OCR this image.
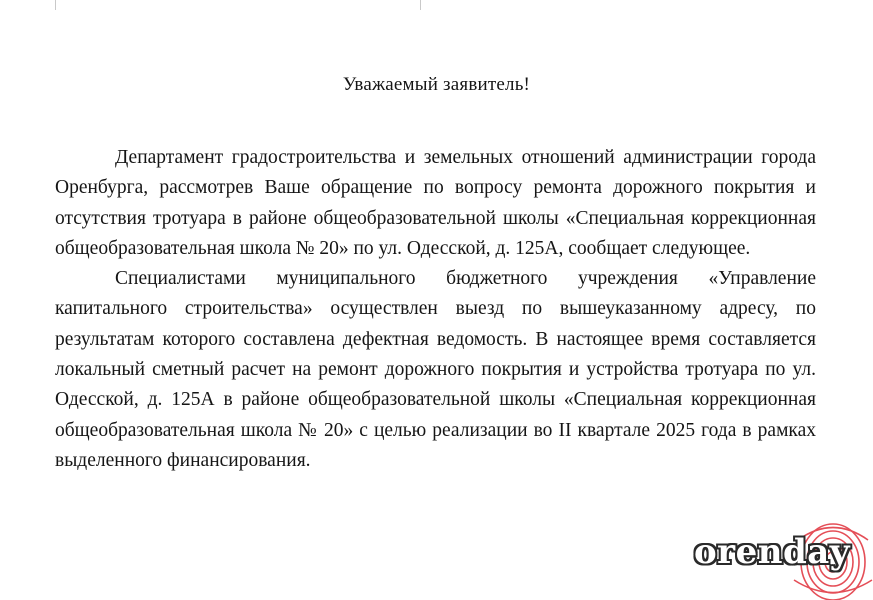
Уважаемый заявитель!

Департамент градостроительства и земельных отношений администрации города Оренбурга, рассмотрев Ваше обращение по вопросу ремонта дорожного покрытия и отсутствия тротуара в районе общеобразовательной школы «Специальная коррекционная общеобразовательная школа № 20» по ул. Одесской, д. 125А, сообщает следующее.

Специалистами муниципального бюджетного учреждения «Управление капитального строительства» осуществлен выезд по вышеуказанному адресу, по результатам которого составлена дефектная ведомость. В настоящее время составляется локальный сметный расчет на ремонт дорожного покрытия и устройства тротуара по ул. Одесской, д. 125А в районе общеобразовательной школы «Специальная коррекционная общеобразовательная школа № 20» с целью реализации во II квартале 2025 года в рамках выделенного финансирования.

orenday
